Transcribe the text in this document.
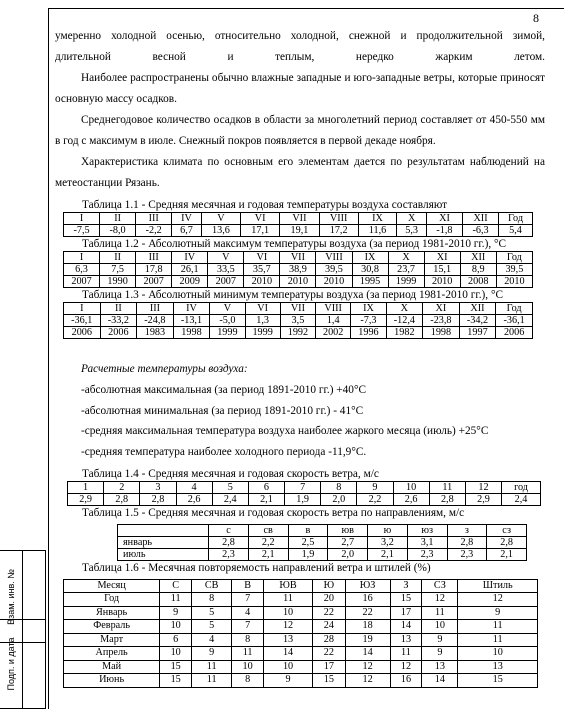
8
Взам. инв. №
Подп. и дата

умеренно холодной осенью, относительно холодной, снежной и продолжительной зимой, длительной весной и теплым, нередко жарким летом.

Наиболее распространены обычно влажные западные и юго-западные ветры, которые приносят основную массу осадков.

Среднегодовое количество осадков в области за многолетний период составляет от 450-550 мм в год с максимум в июле. Снежный покров появляется в первой декаде ноября.

Характеристика климата по основным его элементам дается по результатам наблюдений на метеостанции Рязань.

Таблица 1.1 - Средняя месячная и годовая температуры воздуха составляют
I	II	III	IV	V	VI	VII	VIII	IX	X	XI	XII	Год
-7,5	-8,0	-2,2	6,7	13,6	17,1	19,1	17,2	11,6	5,3	-1,8	-6,3	5,4
Таблица 1.2 - Абсолютный максимум температуры воздуха (за период 1981-2010 гг.), °С
I	II	III	IV	V	VI	VII	VIII	IX	X	XI	XII	Год
6,3	7,5	17,8	26,1	33,5	35,7	38,9	39,5	30,8	23,7	15,1	8,9	39,5
2007	1990	2007	2009	2007	2010	2010	2010	1995	1999	2010	2008	2010
Таблица 1.3 - Абсолютный минимум температуры воздуха (за период 1981-2010 гг.), °С
I	II	III	IV	V	VI	VII	VIII	IX	X	XI	XII	Год
-36,1	-33,2	-24,8	-13,1	-5,0	1,3	3,5	1,4	-7,3	-12,4	-23,8	-34,2	-36,1
2006	2006	1983	1998	1999	1999	1992	2002	1996	1982	1998	1997	2006
Расчетные температуры воздуха:
-абсолютная максимальная (за период 1891-2010 гг.) +40°С
-абсолютная минимальная (за период 1891-2010 гг.) - 41°С
-средняя максимальная температура воздуха наиболее жаркого месяца (июль) +25°С
-средняя температура наиболее холодного периода -11,9°С.
Таблица 1.4 - Средняя месячная и годовая скорость ветра, м/с
1	2	3	4	5	6	7	8	9	10	11	12	год
2,9	2,8	2,8	2,6	2,4	2,1	1,9	2,0	2,2	2,6	2,8	2,9	2,4
Таблица 1.5 - Средняя месячная и годовая скорость ветра по направлениям, м/с
	с	св	в	юв	ю	юз	з	сз
январь	2,8	2,2	2,5	2,7	3,2	3,1	2,8	2,8
июль	2,3	2,1	1,9	2,0	2,1	2,3	2,3	2,1
Таблица 1.6 - Месячная повторяемость направлений ветра и штилей (%)
Месяц	С	СВ	В	ЮВ	Ю	ЮЗ	З	СЗ	Штиль
Год	11	8	7	11	20	16	15	12	12
Январь	9	5	4	10	22	22	17	11	9
Февраль	10	5	7	12	24	18	14	10	11
Март	6	4	8	13	28	19	13	9	11
Апрель	10	9	11	14	22	14	11	9	10
Май	15	11	10	10	17	12	12	13	13
Июнь	15	11	8	9	15	12	16	14	15
